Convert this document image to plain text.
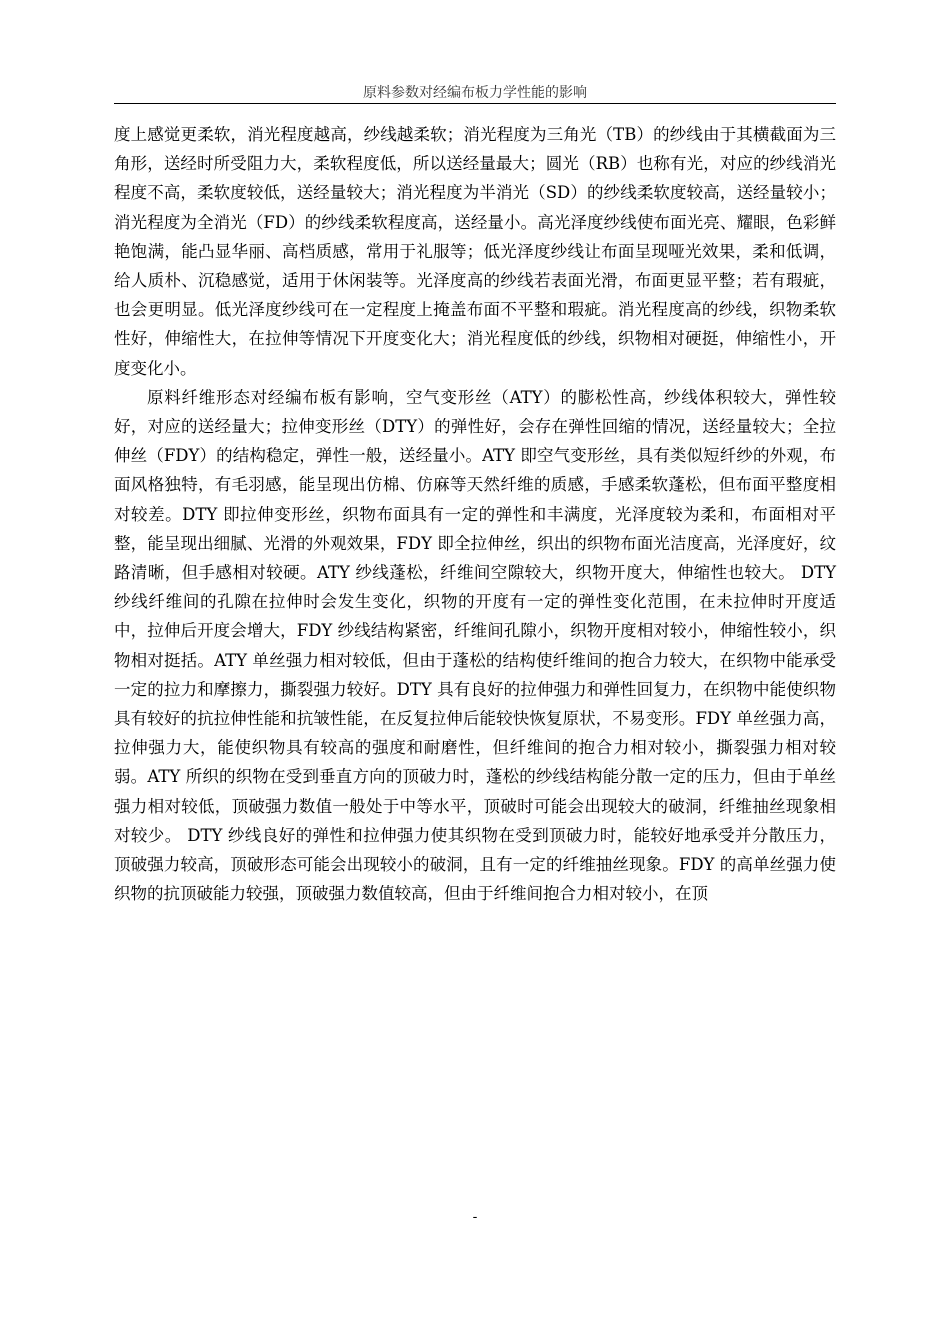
原料参数对经编布板力学性能的影响

度上感觉更柔软，消光程度越高，纱线越柔软；消光程度为三角光（TB）的纱线由于其横截面为三角形，送经时所受阻力大，柔软程度低，所以送经量最大；圆光（RB）也称有光，对应的纱线消光程度不高，柔软度较低，送经量较大；消光程度为半消光（SD）的纱线柔软度较高，送经量较小；消光程度为全消光（FD）的纱线柔软程度高，送经量小。高光泽度纱线使布面光亮、耀眼，色彩鲜艳饱满，能凸显华丽、高档质感，常用于礼服等；低光泽度纱线让布面呈现哑光效果，柔和低调，给人质朴、沉稳感觉，适用于休闲装等。光泽度高的纱线若表面光滑，布面更显平整；若有瑕疵，也会更明显。低光泽度纱线可在一定程度上掩盖布面不平整和瑕疵。消光程度高的纱线，织物柔软性好，伸缩性大，在拉伸等情况下开度变化大；消光程度低的纱线，织物相对硬挺，伸缩性小，开度变化小。

原料纤维形态对经编布板有影响，空气变形丝（ATY）的膨松性高，纱线体积较大，弹性较好，对应的送经量大；拉伸变形丝（DTY）的弹性好，会存在弹性回缩的情况，送经量较大；全拉伸丝（FDY）的结构稳定，弹性一般，送经量小。ATY 即空气变形丝，具有类似短纤纱的外观，布面风格独特，有毛羽感，能呈现出仿棉、仿麻等天然纤维的质感，手感柔软蓬松，但布面平整度相对较差。DTY 即拉伸变形丝，织物布面具有一定的弹性和丰满度，光泽度较为柔和，布面相对平整，能呈现出细腻、光滑的外观效果，FDY 即全拉伸丝，织出的织物布面光洁度高，光泽度好，纹路清晰，但手感相对较硬。ATY 纱线蓬松，纤维间空隙较大，织物开度大，伸缩性也较大。 DTY 纱线纤维间的孔隙在拉伸时会发生变化，织物的开度有一定的弹性变化范围，在未拉伸时开度适中，拉伸后开度会增大，FDY 纱线结构紧密，纤维间孔隙小，织物开度相对较小，伸缩性较小，织物相对挺括。ATY 单丝强力相对较低，但由于蓬松的结构使纤维间的抱合力较大，在织物中能承受一定的拉力和摩擦力，撕裂强力较好。DTY 具有良好的拉伸强力和弹性回复力，在织物中能使织物具有较好的抗拉伸性能和抗皱性能，在反复拉伸后能较快恢复原状，不易变形。FDY 单丝强力高，拉伸强力大，能使织物具有较高的强度和耐磨性，但纤维间的抱合力相对较小，撕裂强力相对较弱。ATY 所织的织物在受到垂直方向的顶破力时，蓬松的纱线结构能分散一定的压力，但由于单丝强力相对较低，顶破强力数值一般处于中等水平，顶破时可能会出现较大的破洞，纤维抽丝现象相对较少。 DTY 纱线良好的弹性和拉伸强力使其织物在受到顶破力时，能较好地承受并分散压力，顶破强力较高，顶破形态可能会出现较小的破洞，且有一定的纤维抽丝现象。FDY 的高单丝强力使织物的抗顶破能力较强，顶破强力数值较高，但由于纤维间抱合力相对较小，在顶

-
